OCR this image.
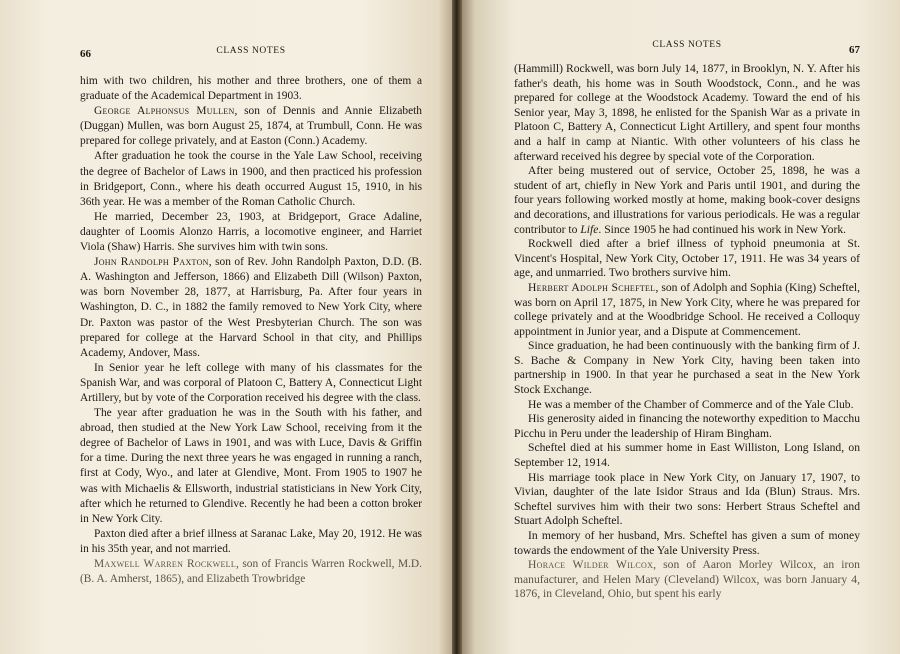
66	CLASS NOTES

him with two children, his mother and three brothers, one of them a graduate of the Academical Department in 1903.

George Alphonsus Mullen, son of Dennis and Annie Elizabeth (Duggan) Mullen, was born August 25, 1874, at Trumbull, Conn. He was prepared for college privately, and at Easton (Conn.) Academy.

After graduation he took the course in the Yale Law School, receiving the degree of Bachelor of Laws in 1900, and then practiced his profession in Bridgeport, Conn., where his death occurred August 15, 1910, in his 36th year. He was a member of the Roman Catholic Church.

He married, December 23, 1903, at Bridgeport, Grace Adaline, daughter of Loomis Alonzo Harris, a locomotive engineer, and Harriet Viola (Shaw) Harris. She survives him with twin sons.

John Randolph Paxton, son of Rev. John Randolph Paxton, D.D. (B. A. Washington and Jefferson, 1866) and Elizabeth Dill (Wilson) Paxton, was born November 28, 1877, at Harrisburg, Pa. After four years in Washington, D. C., in 1882 the family removed to New York City, where Dr. Paxton was pastor of the West Presbyterian Church. The son was prepared for college at the Harvard School in that city, and Phillips Academy, Andover, Mass.

In Senior year he left college with many of his classmates for the Spanish War, and was corporal of Platoon C, Battery A, Connecticut Light Artillery, but by vote of the Corporation received his degree with the class.

The year after graduation he was in the South with his father, and abroad, then studied at the New York Law School, receiving from it the degree of Bachelor of Laws in 1901, and was with Luce, Davis & Griffin for a time. During the next three years he was engaged in running a ranch, first at Cody, Wyo., and later at Glendive, Mont. From 1905 to 1907 he was with Michaelis & Ellsworth, industrial statisticians in New York City, after which he returned to Glendive. Recently he had been a cotton broker in New York City.

Paxton died after a brief illness at Saranac Lake, May 20, 1912. He was in his 35th year, and not married.

Maxwell Warren Rockwell, son of Francis Warren Rockwell, M.D. (B. A. Amherst, 1865), and Elizabeth Trowbridge

CLASS NOTES	67

(Hammill) Rockwell, was born July 14, 1877, in Brooklyn, N. Y. After his father's death, his home was in South Woodstock, Conn., and he was prepared for college at the Woodstock Academy. Toward the end of his Senior year, May 3, 1898, he enlisted for the Spanish War as a private in Platoon C, Battery A, Connecticut Light Artillery, and spent four months and a half in camp at Niantic. With other volunteers of his class he afterward received his degree by special vote of the Corporation.

After being mustered out of service, October 25, 1898, he was a student of art, chiefly in New York and Paris until 1901, and during the four years following worked mostly at home, making book-cover designs and decorations, and illustrations for various periodicals. He was a regular contributor to Life. Since 1905 he had continued his work in New York.

Rockwell died after a brief illness of typhoid pneumonia at St. Vincent's Hospital, New York City, October 17, 1911. He was 34 years of age, and unmarried. Two brothers survive him.

Herbert Adolph Scheftel, son of Adolph and Sophia (King) Scheftel, was born on April 17, 1875, in New York City, where he was prepared for college privately and at the Woodbridge School. He received a Colloquy appointment in Junior year, and a Dispute at Commencement.

Since graduation, he had been continuously with the banking firm of J. S. Bache & Company in New York City, having been taken into partnership in 1900. In that year he purchased a seat in the New York Stock Exchange.

He was a member of the Chamber of Commerce and of the Yale Club.

His generosity aided in financing the noteworthy expedition to Macchu Picchu in Peru under the leadership of Hiram Bingham.

Scheftel died at his summer home in East Williston, Long Island, on September 12, 1914.

His marriage took place in New York City, on January 17, 1907, to Vivian, daughter of the late Isidor Straus and Ida (Blun) Straus. Mrs. Scheftel survives him with their two sons: Herbert Straus Scheftel and Stuart Adolph Scheftel.

In memory of her husband, Mrs. Scheftel has given a sum of money towards the endowment of the Yale University Press.

Horace Wilder Wilcox, son of Aaron Morley Wilcox, an iron manufacturer, and Helen Mary (Cleveland) Wilcox, was born January 4, 1876, in Cleveland, Ohio, but spent his early
